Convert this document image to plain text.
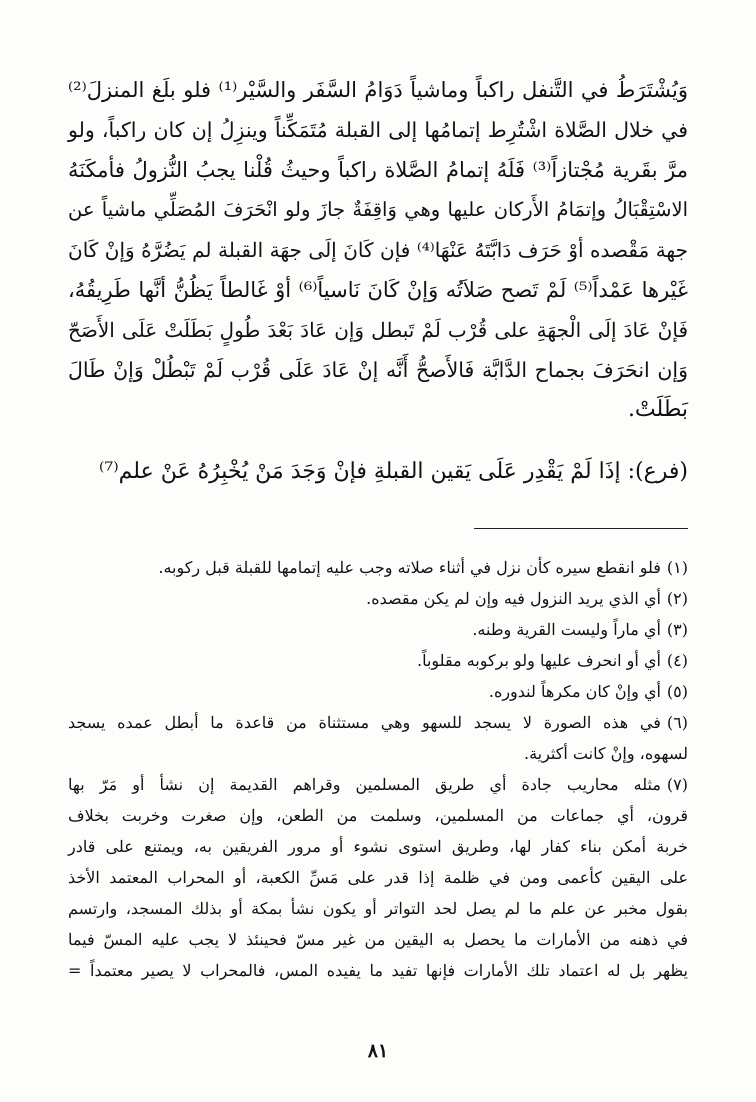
وَيُشْتَرَطُ في التَّنفل راكباً وماشياً دَوَامُ السَّفَر والسَّيْر⁽¹⁾ فلو بلَغ المنزلَ⁽²⁾
في خلال الصَّلاة اشْتُرِط إتمامُها إلى القبلة مُتَمَكِّناً وينزِلُ إن كان راكباً، ولو
مرَّ بقَرية مُجْتازاً⁽³⁾ فَلَهُ إتمامُ الصَّلاة راكباً وحيثُ قُلْنا يجبُ النُّزولُ فأمكَنَهُ
الاسْتِقْبَالُ وإتمَامُ الأَركان عليها وهي وَاقِفَةٌ جازَ ولو انْحَرَفَ المُصَلِّي ماشياً عن
جهة مَقْصده أوْ حَرَف دَابَّتَهُ عَنْهَا⁽⁴⁾ فإن كَانَ إلَى جهَة القبلة لم يَضُرَّهُ وَإنْ كَانَ
غَيْرها عَمْداً⁽⁵⁾ لَمْ تَصح صَلاَتُه وَإنْ كَانَ نَاسياً⁽⁶⁾ أوْ غَالطاً يَظُنُّ أنَّها طَرِيقُهُ،
فَإنْ عَادَ إلَى الْجهَةِ على قُرْب لَمْ تَبطل وَإن عَادَ بَعْدَ طُولٍ بَطَلَتْ عَلَى الأَصَحّ
وَإن انحَرَفَ بجماح الدَّابَّة فَالأَصحُّ أَنَّه إنْ عَادَ عَلَى قُرْب لَمْ تَبْطُلْ وَإنْ طَالَ
بَطَلَتْ.
(فرع): إذَا لَمْ يَقْدِر عَلَى يَقين القبلةِ فإنْ وَجَدَ مَنْ يُخْبِرُهُ عَنْ علم⁽⁷⁾
(١)فلو انقطع سيره كأن نزل في أثناء صلاته وجب عليه إتمامها للقبلة قبل ركوبه.
(٢)أي الذي يريد النزول فيه وإن لم يكن مقصده.
(٣)أي ماراً وليست القرية وطنه.
(٤)أي أو انحرف عليها ولو بركوبه مقلوباً.
(٥)أي وإنْ كان مكرهاً لندوره.
(٦)في هذه الصورة لا يسجد للسهو وهي مستثناة من قاعدة ما أبطل عمده يسجد
لسهوه، وإنْ كانت أكثرية.
(٧)مثله محاريب جادة أي طريق المسلمين وقراهم القديمة إن نشأ أو مَرّ بها
قرون، أي جماعات من المسلمين، وسلمت من الطعن، وإن صغرت وخربت بخلاف
خربة أمكن بناء كفار لها، وطريق استوى نشوء أو مرور الفريقين به، ويمتنع على قادر
على اليقين كأعمى ومن في ظلمة إذا قدر على مَسِّ الكعبة، أو المحراب المعتمد الأخذ
بقول مخبر عن علم ما لم يصل لحد التواتر أو يكون نشأ بمكة أو بذلك المسجد، وارتسم
في ذهنه من الأمارات ما يحصل به اليقين من غير مسّ فحينئذ لا يجب عليه المسّ فيما
يظهر بل له اعتماد تلك الأمارات فإنها تفيد ما يفيده المس، فالمحراب لا يصير معتمداً =
٨١
